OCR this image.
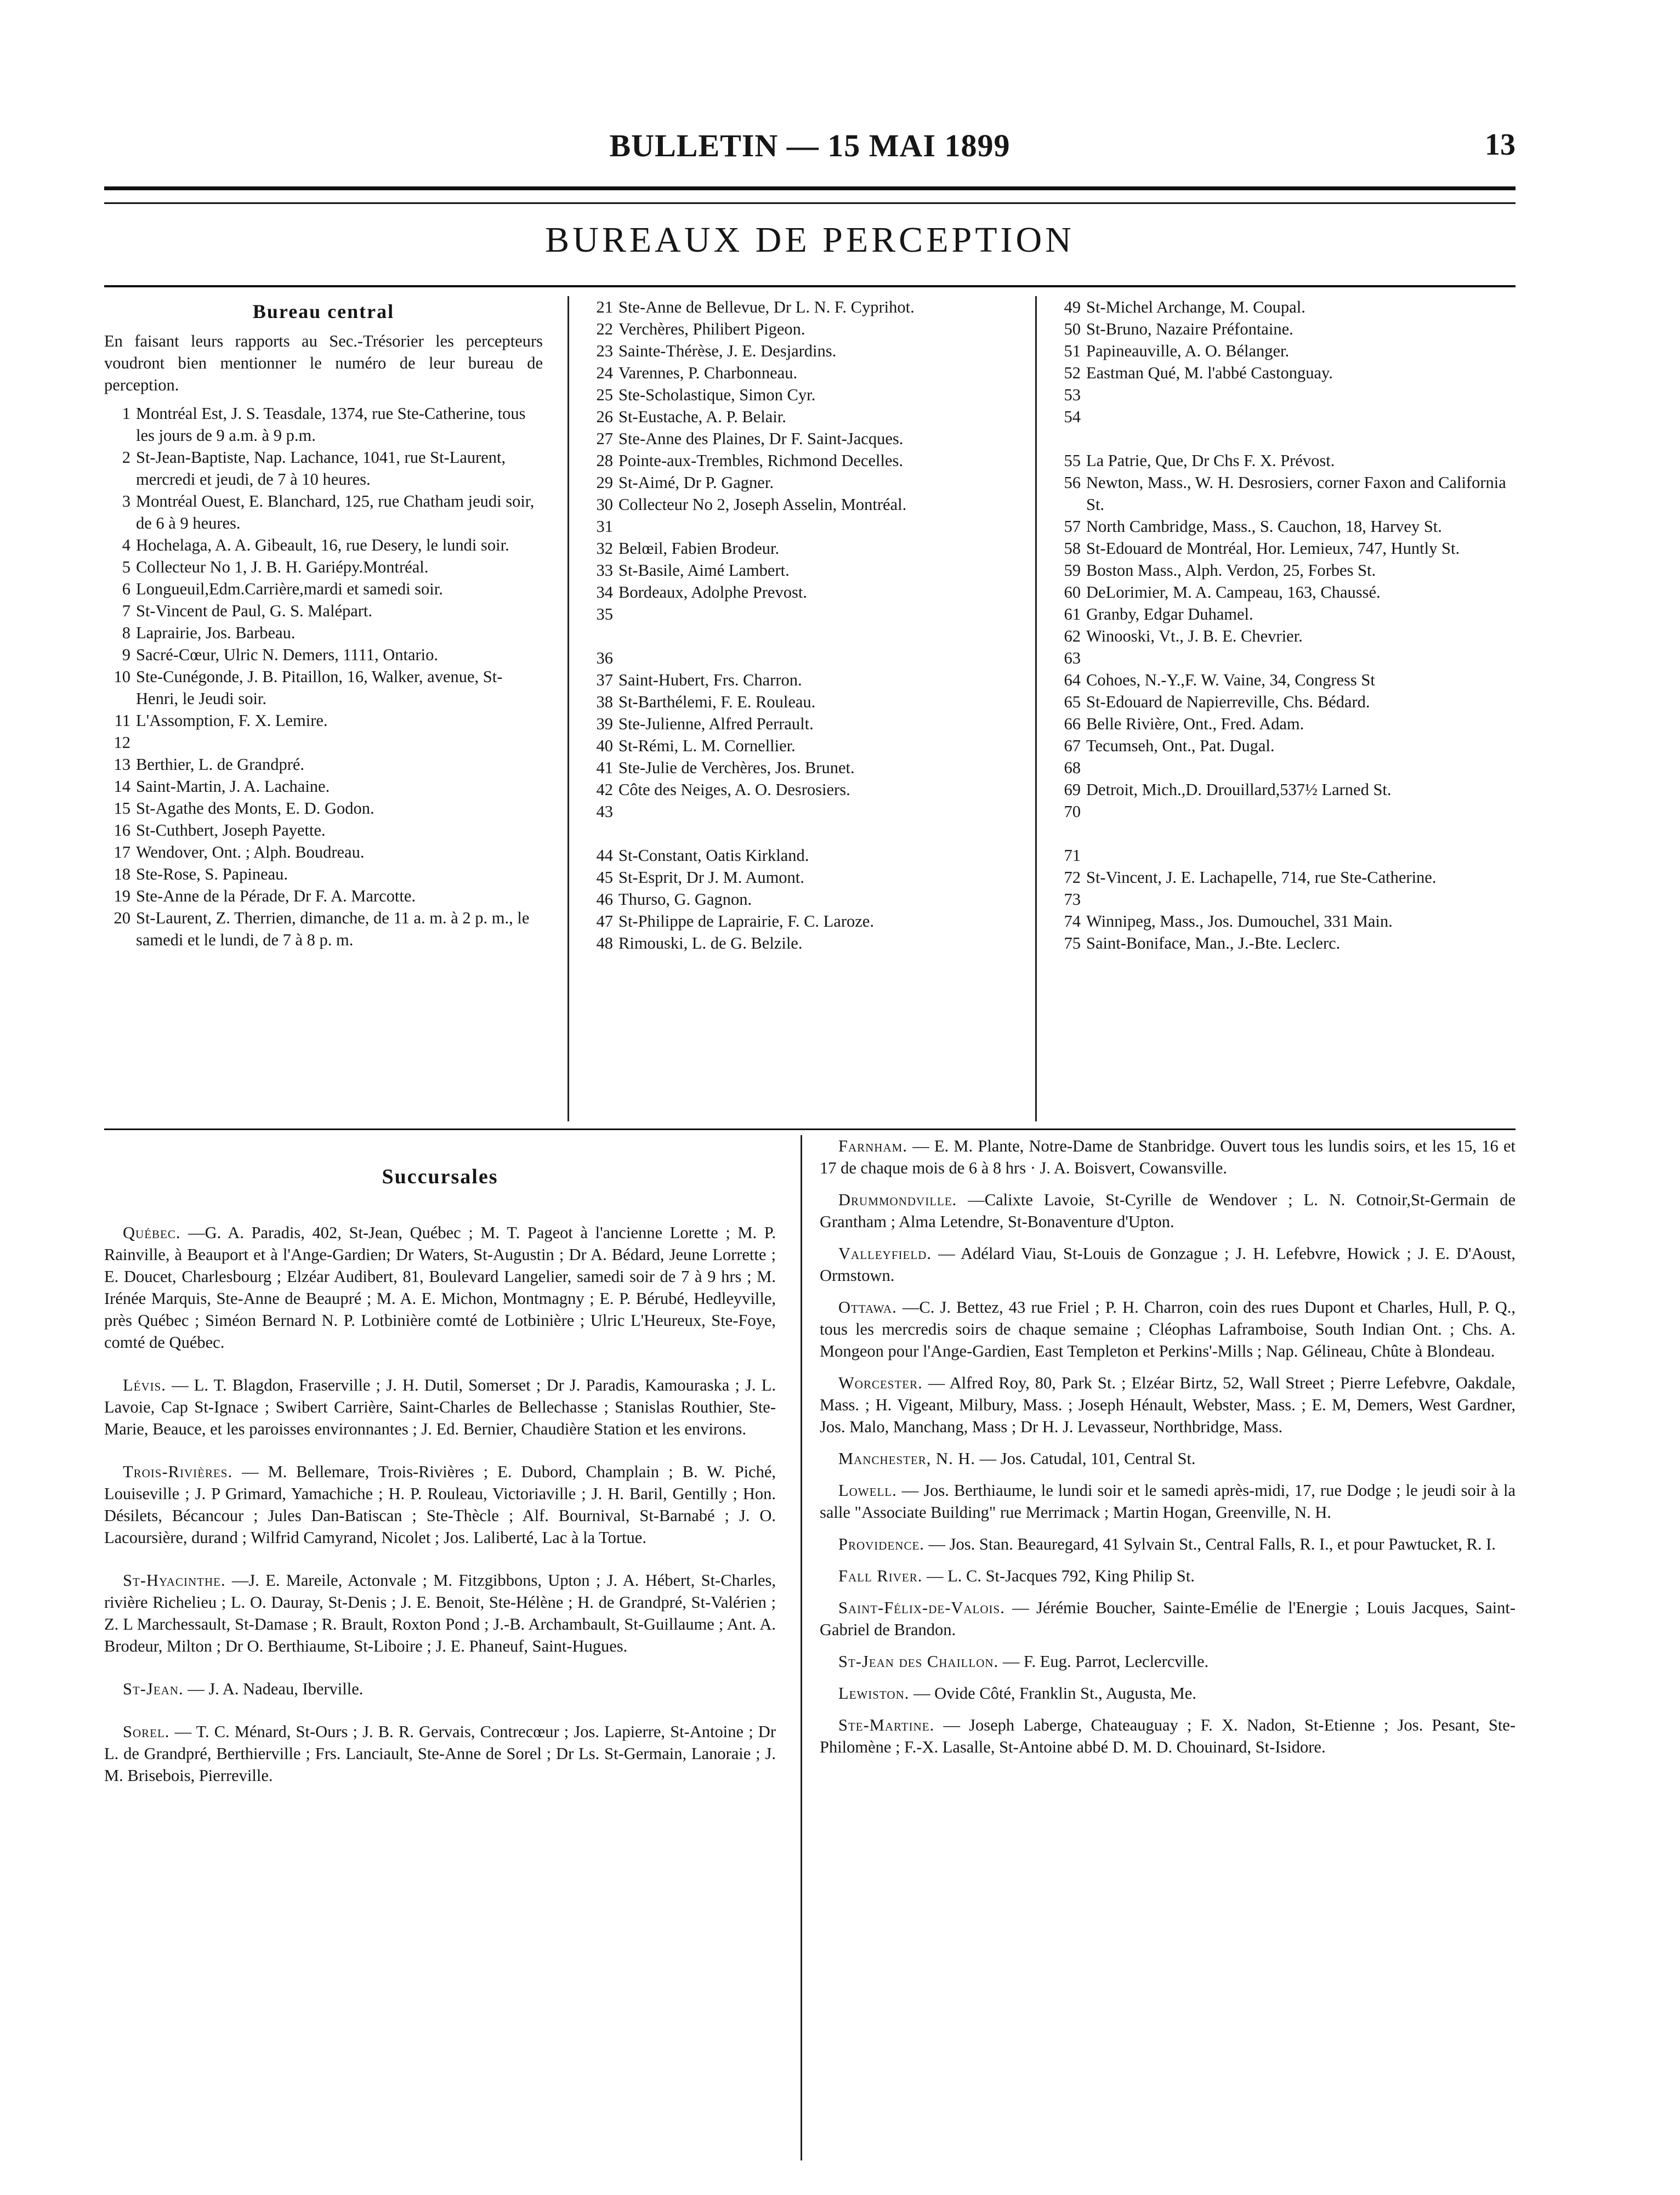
BULLETIN — 15 MAI 1899	13
BUREAUX DE PERCEPTION
Bureau central

En faisant leurs rapports au Sec.-Trésorier les percepteurs voudront bien mentionner le numéro de leur bureau de perception.

1 Montréal Est, J. S. Teasdale, 1374, rue Ste-Catherine, tous les jours de 9 a.m. à 9 p.m.
2 St-Jean-Baptiste, Nap. Lachance, 1041, rue St-Laurent, mercredi et jeudi, de 7 à 10 heures.
3 Montréal Ouest, E. Blanchard, 125, rue Chatham jeudi soir, de 6 à 9 heures.
4 Hochelaga, A. A. Gibeault, 16, rue Desery, le lundi soir.
5 Collecteur No 1, J. B. H. Gariépy.Montréal.
6 Longueuil,Edm.Carrière,mardi et samedi soir.
7 St-Vincent de Paul, G. S. Malépart.
8 Laprairie, Jos. Barbeau.
9 Sacré-Cœur, Ulric N. Demers, 1111, Ontario.
10 Ste-Cunégonde, J. B. Pitaillon, 16, Walker, avenue, St-Henri, le Jeudi soir.
11 L'Assomption, F. X. Lemire.
12
13 Berthier, L. de Grandpré.
14 Saint-Martin, J. A. Lachaine.
15 St-Agathe des Monts, E. D. Godon.
16 St-Cuthbert, Joseph Payette.
17 Wendover, Ont. ; Alph. Boudreau.
18 Ste-Rose, S. Papineau.
19 Ste-Anne de la Pérade, Dr F. A. Marcotte.
20 St-Laurent, Z. Therrien, dimanche, de 11 a. m. à 2 p. m., le samedi et le lundi, de 7 à 8 p. m.
21 Ste-Anne de Bellevue, Dr L. N. F. Cyprihot.
22 Verchères, Philibert Pigeon.
23 Sainte-Thérèse, J. E. Desjardins.
24 Varennes, P. Charbonneau.
25 Ste-Scholastique, Simon Cyr.
26 St-Eustache, A. P. Belair.
27 Ste-Anne des Plaines, Dr F. Saint-Jacques.
28 Pointe-aux-Trembles, Richmond Decelles.
29 St-Aimé, Dr P. Gagner.
30 Collecteur No 2, Joseph Asselin, Montréal.
31
32 Belœil, Fabien Brodeur.
33 St-Basile, Aimé Lambert.
34 Bordeaux, Adolphe Prevost.
35
36
37 Saint-Hubert, Frs. Charron.
38 St-Barthélemi, F. E. Rouleau.
39 Ste-Julienne, Alfred Perrault.
40 St-Rémi, L. M. Cornellier.
41 Ste-Julie de Verchères, Jos. Brunet.
42 Côte des Neiges, A. O. Desrosiers.
43
44 St-Constant, Oatis Kirkland.
45 St-Esprit, Dr J. M. Aumont.
46 Thurso, G. Gagnon.
47 St-Philippe de Laprairie, F. C. Laroze.
48 Rimouski, L. de G. Belzile.
49 St-Michel Archange, M. Coupal.
50 St-Bruno, Nazaire Préfontaine.
51 Papineauville, A. O. Bélanger.
52 Eastman Qué, M. l'abbé Castonguay.
53
54
55 La Patrie, Que, Dr Chs F. X. Prévost.
56 Newton, Mass., W. H. Desrosiers, corner Faxon and California St.
57 North Cambridge, Mass., S. Cauchon, 18, Harvey St.
58 St-Edouard de Montréal, Hor. Lemieux, 747, Huntly St.
59 Boston Mass., Alph. Verdon, 25, Forbes St.
60 DeLorimier, M. A. Campeau, 163, Chaussé.
61 Granby, Edgar Duhamel.
62 Winooski, Vt., J. B. E. Chevrier.
63
64 Cohoes, N.-Y.,F. W. Vaine, 34, Congress St
65 St-Edouard de Napierreville, Chs. Bédard.
66 Belle Rivière, Ont., Fred. Adam.
67 Tecumseh, Ont., Pat. Dugal.
68
69 Detroit, Mich.,D. Drouillard,537½ Larned St.
70
71
72 St-Vincent, J. E. Lachapelle, 714, rue Ste-Catherine.
73
74 Winnipeg, Mass., Jos. Dumouchel, 331 Main.
75 Saint-Boniface, Man., J.-Bte. Leclerc.
Succursales

Québec. —G. A. Paradis, 402, St-Jean, Québec ; M. T. Pageot à l'ancienne Lorette ; M. P. Rainville, à Beauport et à l'Ange-Gardien; Dr Waters, St-Augustin ; Dr A. Bédard, Jeune Lorrette ; E. Doucet, Charlesbourg ; Elzéar Audibert, 81, Boulevard Langelier, samedi soir de 7 à 9 hrs ; M. Irénée Marquis, Ste-Anne de Beaupré ; M. A. E. Michon, Montmagny ; E. P. Bérubé, Hedleyville, près Québec ; Siméon Bernard N. P. Lotbinière comté de Lotbinière ; Ulric L'Heureux, Ste-Foye, comté de Québec.

Lévis. — L. T. Blagdon, Fraserville ; J. H. Dutil, Somerset ; Dr J. Paradis, Kamouraska ; J. L. Lavoie, Cap St-Ignace ; Swibert Carrière, Saint-Charles de Bellechasse ; Stanislas Routhier, Ste-Marie, Beauce, et les paroisses environnantes ; J. Ed. Bernier, Chaudière Station et les environs.

Trois-Rivières. — M. Bellemare, Trois-Rivières ; E. Dubord, Champlain ; B. W. Piché, Louiseville ; J. P Grimard, Yamachiche ; H. P. Rouleau, Victoriaville ; J. H. Baril, Gentilly ; Hon. Désilets, Bécancour ; Jules Dan-Batiscan ; Ste-Thècle ; Alf. Bournival, St-Barnabé ; J. O. Lacoursière, durand ; Wilfrid Camyrand, Nicolet ; Jos. Laliberté, Lac à la Tortue.

St-Hyacinthe. —J. E. Mareile, Actonvale ; M. Fitzgibbons, Upton ; J. A. Hébert, St-Charles, rivière Richelieu ; L. O. Dauray, St-Denis ; J. E. Benoit, Ste-Hélène ; H. de Grandpré, St-Valérien ; Z. L Marchessault, St-Damase ; R. Brault, Roxton Pond ; J.-B. Archambault, St-Guillaume ; Ant. A. Brodeur, Milton ; Dr O. Berthiaume, St-Liboire ; J. E. Phaneuf, Saint-Hugues.

St-Jean. — J. A. Nadeau, Iberville.

Sorel. — T. C. Ménard, St-Ours ; J. B. R. Gervais, Contrecœur ; Jos. Lapierre, St-Antoine ; Dr L. de Grandpré, Berthierville ; Frs. Lanciault, Ste-Anne de Sorel ; Dr Ls. St-Germain, Lanoraie ; J. M. Brisebois, Pierreville.

Farnham. — E. M. Plante, Notre-Dame de Stanbridge. Ouvert tous les lundis soirs, et les 15, 16 et 17 de chaque mois de 6 à 8 hrs · J. A. Boisvert, Cowansville.

Drummondville. —Calixte Lavoie, St-Cyrille de Wendover ; L. N. Cotnoir,St-Germain de Grantham ; Alma Letendre, St-Bonaventure d'Upton.

Valleyfield. — Adélard Viau, St-Louis de Gonzague ; J. H. Lefebvre, Howick ; J. E. D'Aoust, Ormstown.

Ottawa. —C. J. Bettez, 43 rue Friel ; P. H. Charron, coin des rues Dupont et Charles, Hull, P. Q., tous les mercredis soirs de chaque semaine ; Cléophas Laframboise, South Indian Ont. ; Chs. A. Mongeon pour l'Ange-Gardien, East Templeton et Perkins'-Mills ; Nap. Gélineau, Chûte à Blondeau.

Worcester. — Alfred Roy, 80, Park St. ; Elzéar Birtz, 52, Wall Street ; Pierre Lefebvre, Oakdale, Mass. ; H. Vigeant, Milbury, Mass. ; Joseph Hénault, Webster, Mass. ; E. M, Demers, West Gardner, Jos. Malo, Manchang, Mass ; Dr H. J. Levasseur, Northbridge, Mass.

Manchester, N. H. — Jos. Catudal, 101, Central St.

Lowell. — Jos. Berthiaume, le lundi soir et le samedi après-midi, 17, rue Dodge ; le jeudi soir à la salle "Associate Building" rue Merrimack ; Martin Hogan, Greenville, N. H.

Providence. — Jos. Stan. Beauregard, 41 Sylvain St., Central Falls, R. I., et pour Pawtucket, R. I.

Fall River. — L. C. St-Jacques 792, King Philip St.

Saint-Félix-de-Valois. — Jérémie Boucher, Sainte-Emélie de l'Energie ; Louis Jacques, Saint-Gabriel de Brandon.

St-Jean des Chaillon. — F. Eug. Parrot, Leclercville.

Lewiston. — Ovide Côté, Franklin St., Augusta, Me.

Ste-Martine. — Joseph Laberge, Chateauguay ; F. X. Nadon, St-Etienne ; Jos. Pesant, Ste-Philomène ; F.-X. Lasalle, St-Antoine abbé D. M. D. Chouinard, St-Isidore.
